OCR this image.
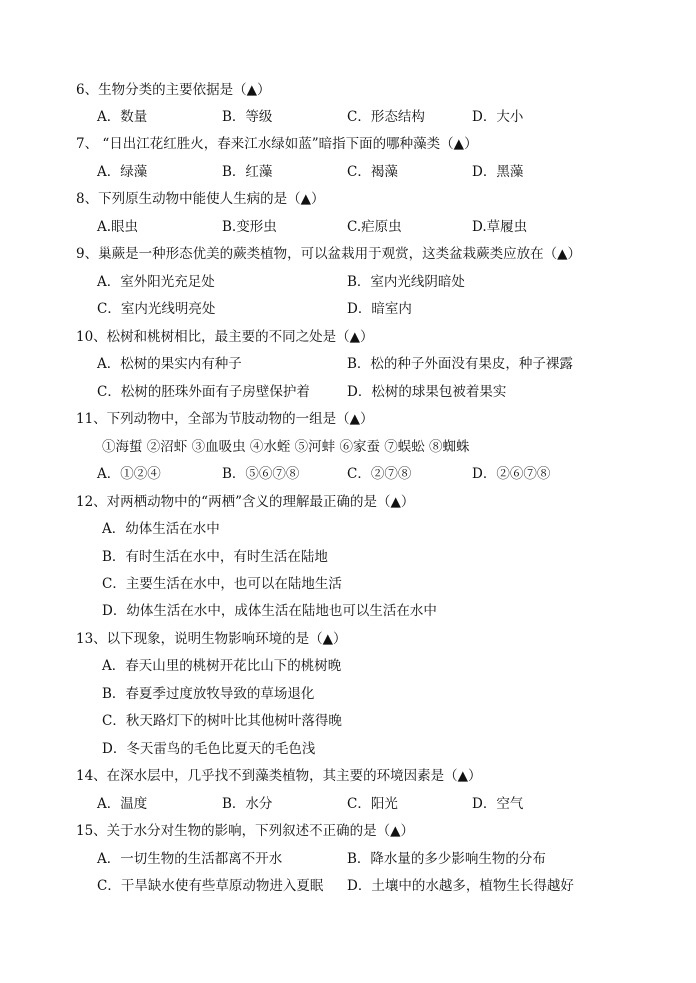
6、生物分类的主要依据是（▲）
A．数量	B．等级	C．形态结构	D．大小
7、 “日出江花红胜火，春来江水绿如蓝”暗指下面的哪种藻类（▲）
A．绿藻	B．红藻	C．褐藻	D．黑藻
8、下列原生动物中能使人生病的是（▲）
A.眼虫	B.变形虫	C.疟原虫	D.草履虫
9、巢蕨是一种形态优美的蕨类植物，可以盆栽用于观赏，这类盆栽蕨类应放在（▲）
A．室外阳光充足处	B．室内光线阴暗处
C．室内光线明亮处	D．暗室内
10、松树和桃树相比，最主要的不同之处是（▲）
A．松树的果实内有种子	B．松的种子外面没有果皮，种子裸露
C．松树的胚珠外面有子房壁保护着	D．松树的球果包被着果实
11、下列动物中，全部为节肢动物的一组是（▲）
①海蜇 ②沼虾 ③血吸虫 ④水蛭 ⑤河蚌 ⑥家蚕 ⑦蜈蚣 ⑧蜘蛛
A．①②④	B．⑤⑥⑦⑧	C．②⑦⑧	D．②⑥⑦⑧
12、对两栖动物中的“两栖”含义的理解最正确的是（▲）
A．幼体生活在水中
B．有时生活在水中，有时生活在陆地
C．主要生活在水中，也可以在陆地生活
D．幼体生活在水中，成体生活在陆地也可以生活在水中
13、以下现象，说明生物影响环境的是（▲）
A．春天山里的桃树开花比山下的桃树晚
B．春夏季过度放牧导致的草场退化
C．秋天路灯下的树叶比其他树叶落得晚
D．冬天雷鸟的毛色比夏天的毛色浅
14、在深水层中，几乎找不到藻类植物，其主要的环境因素是（▲）
A．温度	B．水分	C．阳光	D．空气
15、关于水分对生物的影响，下列叙述不正确的是（▲）
A．一切生物的生活都离不开水	B．降水量的多少影响生物的分布
C．干旱缺水使有些草原动物进入夏眠 D．土壤中的水越多，植物生长得越好
